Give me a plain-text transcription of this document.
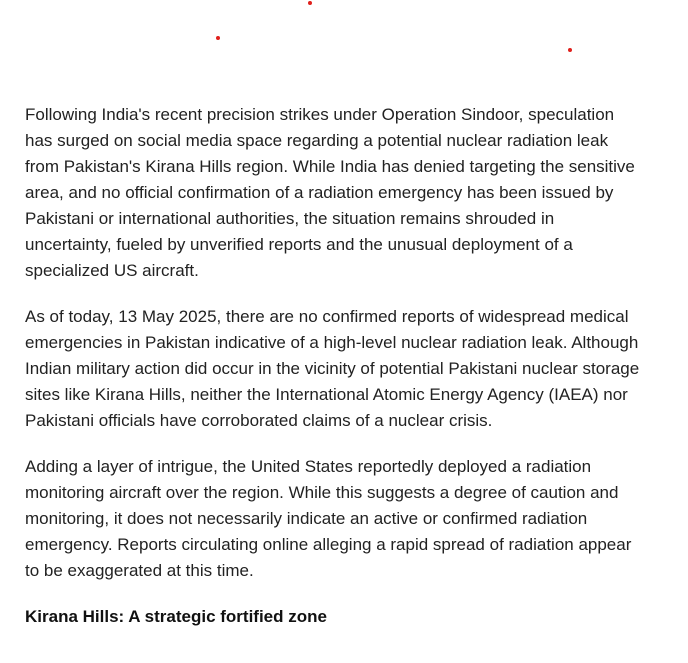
Following India's recent precision strikes under Operation Sindoor, speculation has surged on social media space regarding a potential nuclear radiation leak from Pakistan's Kirana Hills region. While India has denied targeting the sensitive area, and no official confirmation of a radiation emergency has been issued by Pakistani or international authorities, the situation remains shrouded in uncertainty, fueled by unverified reports and the unusual deployment of a specialized US aircraft.

As of today, 13 May 2025, there are no confirmed reports of widespread medical emergencies in Pakistan indicative of a high-level nuclear radiation leak. Although Indian military action did occur in the vicinity of potential Pakistani nuclear storage sites like Kirana Hills, neither the International Atomic Energy Agency (IAEA) nor Pakistani officials have corroborated claims of a nuclear crisis.

Adding a layer of intrigue, the United States reportedly deployed a radiation monitoring aircraft over the region. While this suggests a degree of caution and monitoring, it does not necessarily indicate an active or confirmed radiation emergency. Reports circulating online alleging a rapid spread of radiation appear to be exaggerated at this time.

Kirana Hills: A strategic fortified zone
